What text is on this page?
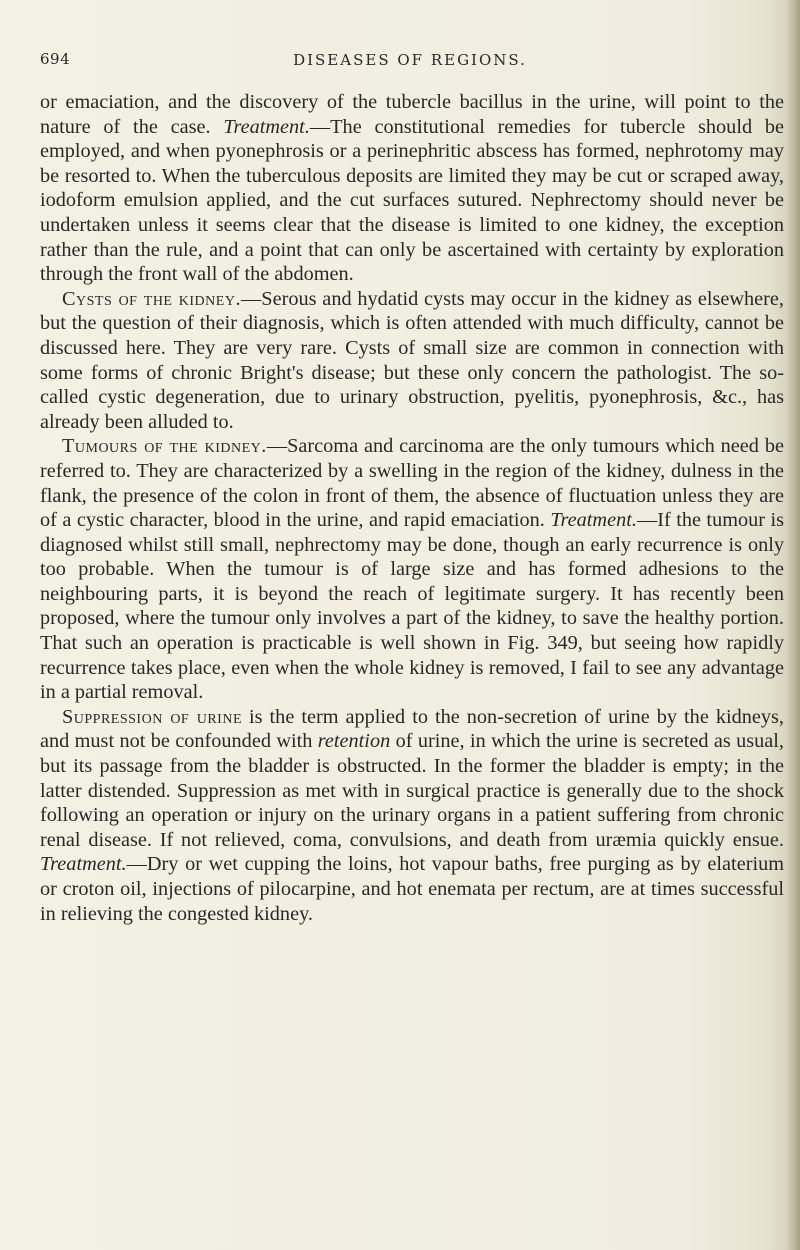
694	DISEASES OF REGIONS.

or emaciation, and the discovery of the tubercle bacillus in the urine, will point to the nature of the case. Treatment.—The constitutional remedies for tubercle should be employed, and when pyonephrosis or a perinephritic abscess has formed, nephrotomy may be resorted to. When the tuberculous deposits are limited they may be cut or scraped away, iodoform emulsion applied, and the cut surfaces sutured. Nephrectomy should never be undertaken unless it seems clear that the disease is limited to one kidney, the exception rather than the rule, and a point that can only be ascertained with certainty by exploration through the front wall of the abdomen.

Cysts of the kidney.—Serous and hydatid cysts may occur in the kidney as elsewhere, but the question of their diagnosis, which is often attended with much difficulty, cannot be discussed here. They are very rare. Cysts of small size are common in connection with some forms of chronic Bright's disease; but these only concern the pathologist. The so-called cystic degeneration, due to urinary obstruction, pyelitis, pyonephrosis, &c., has already been alluded to.

Tumours of the kidney.—Sarcoma and carcinoma are the only tumours which need be referred to. They are characterized by a swelling in the region of the kidney, dulness in the flank, the presence of the colon in front of them, the absence of fluctuation unless they are of a cystic character, blood in the urine, and rapid emaciation. Treatment.—If the tumour is diagnosed whilst still small, nephrectomy may be done, though an early recurrence is only too probable. When the tumour is of large size and has formed adhesions to the neighbouring parts, it is beyond the reach of legitimate surgery. It has recently been proposed, where the tumour only involves a part of the kidney, to save the healthy portion. That such an operation is practicable is well shown in Fig. 349, but seeing how rapidly recurrence takes place, even when the whole kidney is removed, I fail to see any advantage in a partial removal.

Suppression of urine is the term applied to the non-secretion of urine by the kidneys, and must not be confounded with retention of urine, in which the urine is secreted as usual, but its passage from the bladder is obstructed. In the former the bladder is empty; in the latter distended. Suppression as met with in surgical practice is generally due to the shock following an operation or injury on the urinary organs in a patient suffering from chronic renal disease. If not relieved, coma, convulsions, and death from uræmia quickly ensue. Treatment.—Dry or wet cupping the loins, hot vapour baths, free purging as by elaterium or croton oil, injections of pilocarpine, and hot enemata per rectum, are at times successful in relieving the congested kidney.
